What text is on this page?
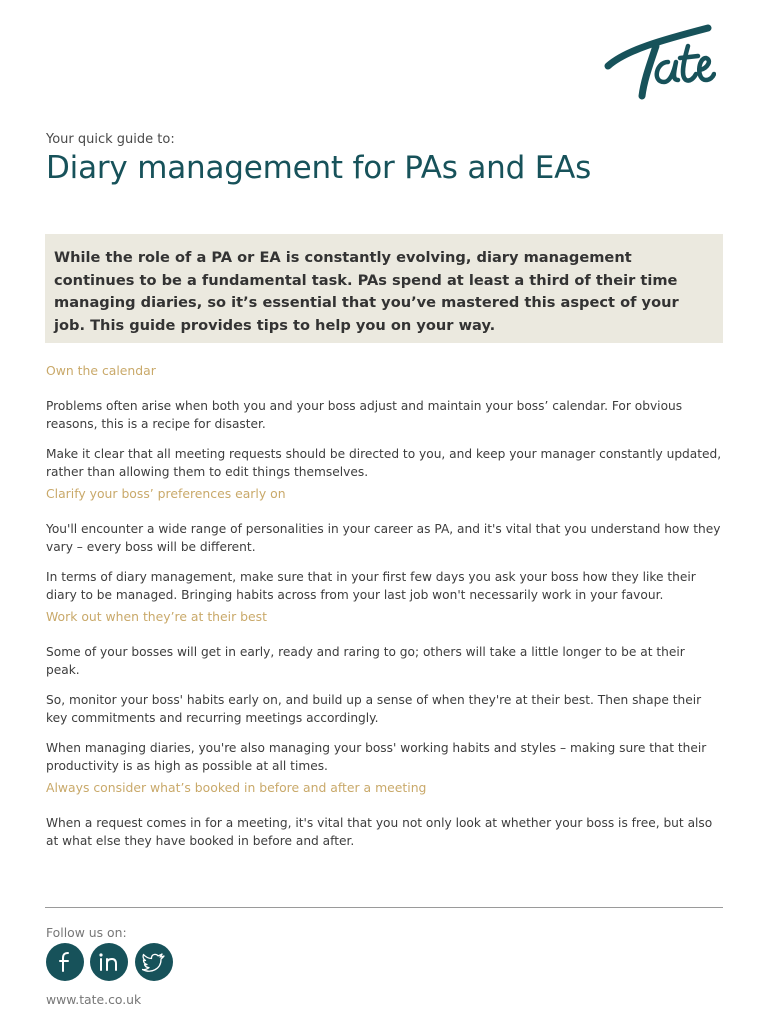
Your quick guide to:
Diary management for PAs and EAs
While the role of a PA or EA is constantly evolving, diary management continues to be a fundamental task. PAs spend at least a third of their time managing diaries, so it’s essential that you’ve mastered this aspect of your job. This guide provides tips to help you on your way.

Own the calendar

Problems often arise when both you and your boss adjust and maintain your boss’ calendar. For obvious reasons, this is a recipe for disaster.

Make it clear that all meeting requests should be directed to you, and keep your manager constantly updated, rather than allowing them to edit things themselves.

Clarify your boss’ preferences early on

You'll encounter a wide range of personalities in your career as PA, and it's vital that you understand how they vary – every boss will be different.

In terms of diary management, make sure that in your first few days you ask your boss how they like their diary to be managed. Bringing habits across from your last job won't necessarily work in your favour.

Work out when they’re at their best

Some of your bosses will get in early, ready and raring to go; others will take a little longer to be at their peak.

So, monitor your boss' habits early on, and build up a sense of when they're at their best. Then shape their key commitments and recurring meetings accordingly.

When managing diaries, you're also managing your boss' working habits and styles – making sure that their productivity is as high as possible at all times.

Always consider what’s booked in before and after a meeting

When a request comes in for a meeting, it's vital that you not only look at whether your boss is free, but also at what else they have booked in before and after.

Follow us on:
www.tate.co.uk
